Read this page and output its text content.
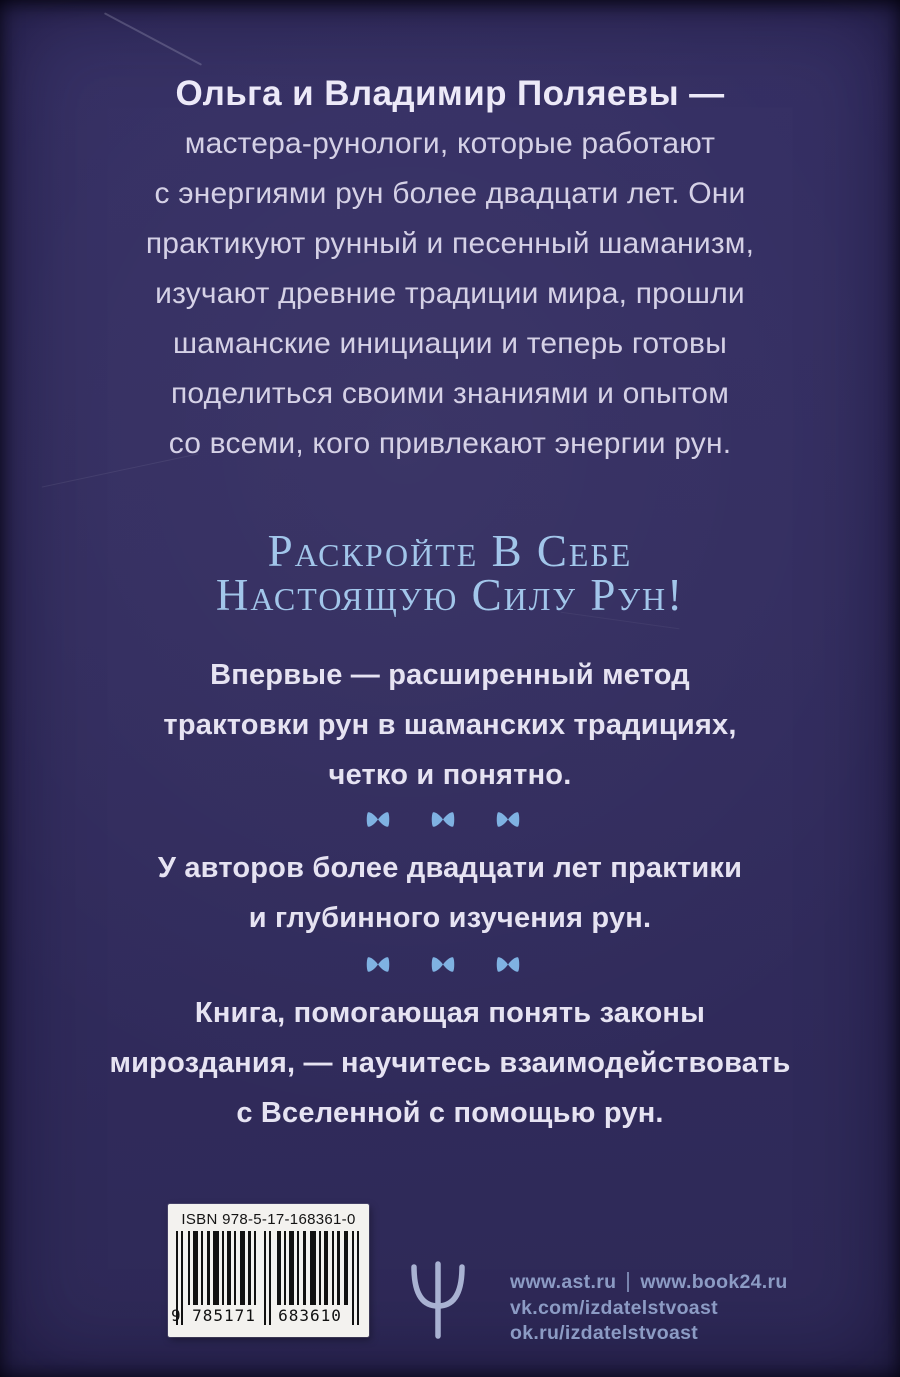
Ольга и Владимир Поляевы —
мастера-рунологи, которые работают
с энергиями рун более двадцати лет. Они
практикуют рунный и песенный шаманизм,
изучают древние традиции мира, прошли
шаманские инициации и теперь готовы
поделиться своими знаниями и опытом
со всеми, кого привлекают энергии рун.
Раскройте В Себе
Настоящую Силу Рун!
Впервые — расширенный метод
трактовки рун в шаманских традициях,
четко и понятно.
У авторов более двадцати лет практики
и глубинного изучения рун.
Книга, помогающая понять законы
мироздания, — научитесь взаимодействовать
с Вселенной с помощью рун.
ISBN 978-5-17-168361-0
9 785171 683610
www.ast.ru www.book24.ru
vk.com/izdatelstvoast
ok.ru/izdatelstvoast
